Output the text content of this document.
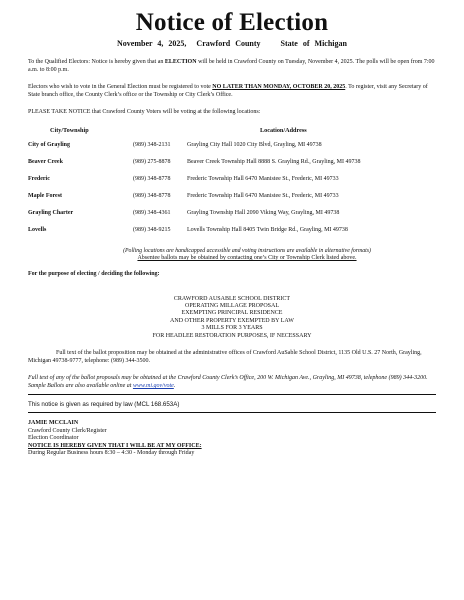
Notice of Election
November 4, 2025, Crawford County	State of Michigan

To the Qualified Electors: Notice is hereby given that an ELECTION will be held in Crawford County on Tuesday, November 4, 2025. The polls will be open from 7:00 a.m. to 8:00 p.m.

Electors who wish to vote in the General Election must be registered to vote NO LATER THAN MONDAY, OCTOBER 20, 2025. To register, visit any Secretary of State branch office, the County Clerk’s office or the Township or City Clerk’s Office.

PLEASE TAKE NOTICE that Crawford County Voters will be voting at the following locations:

City/Township	Location/Address
City of Grayling	(989) 348-2131	Grayling City Hall 1020 City Blvd, Grayling, MI 49738
Beaver Creek	(989) 275-8878	Beaver Creek Township Hall 8888 S. Grayling Rd., Grayling, MI 49738
Frederic	(989) 348-8778	Frederic Township Hall 6470 Manistee St., Frederic, MI 49733
Maple Forest	(989) 348-8778	Frederic Township Hall 6470 Manistee St., Frederic, MI 49733
Grayling Charter	(989) 348-4361	Grayling Township Hall 2090 Viking Way, Grayling, MI 49738
Lovells	(989) 348-9215	Lovells Township Hall 8405 Twin Bridge Rd., Grayling, MI 49738

(Polling locations are handicapped accessible and voting instructions are available in alternative formats)

Absentee ballots may be obtained by contacting one’s City or Township Clerk listed above.

For the purpose of electing / deciding the following:

CRAWFORD AUSABLE SCHOOL DISTRICT
OPERATING MILLAGE PROPOSAL
EXEMPTING PRINCIPAL RESIDENCE
AND OTHER PROPERTY EXEMPTED BY LAW
3 MILLS FOR 3 YEARS
FOR HEADLEE RESTORATION PURPOSES, IF NECESSARY

Full text of the ballot proposition may be obtained at the administrative offices of Crawford AuSable School District, 1135 Old U.S. 27 North, Grayling, Michigan 49738-9777, telephone: (989) 344-3500.

Full text of any of the ballot proposals may be obtained at the Crawford County Clerk’s Office, 200 W. Michigan Ave., Grayling, MI 49738, telephone (989) 344-3200. Sample Ballots are also available online at www.mi.gov/vote.

This notice is given as required by law (MCL 168.653A)

JAMIE MCCLAIN

Crawford County Clerk/Register

Election Coordinator

NOTICE IS HEREBY GIVEN THAT I WILL BE AT MY OFFICE:

During Regular Business hours 8:30 – 4:30 - Monday through Friday
